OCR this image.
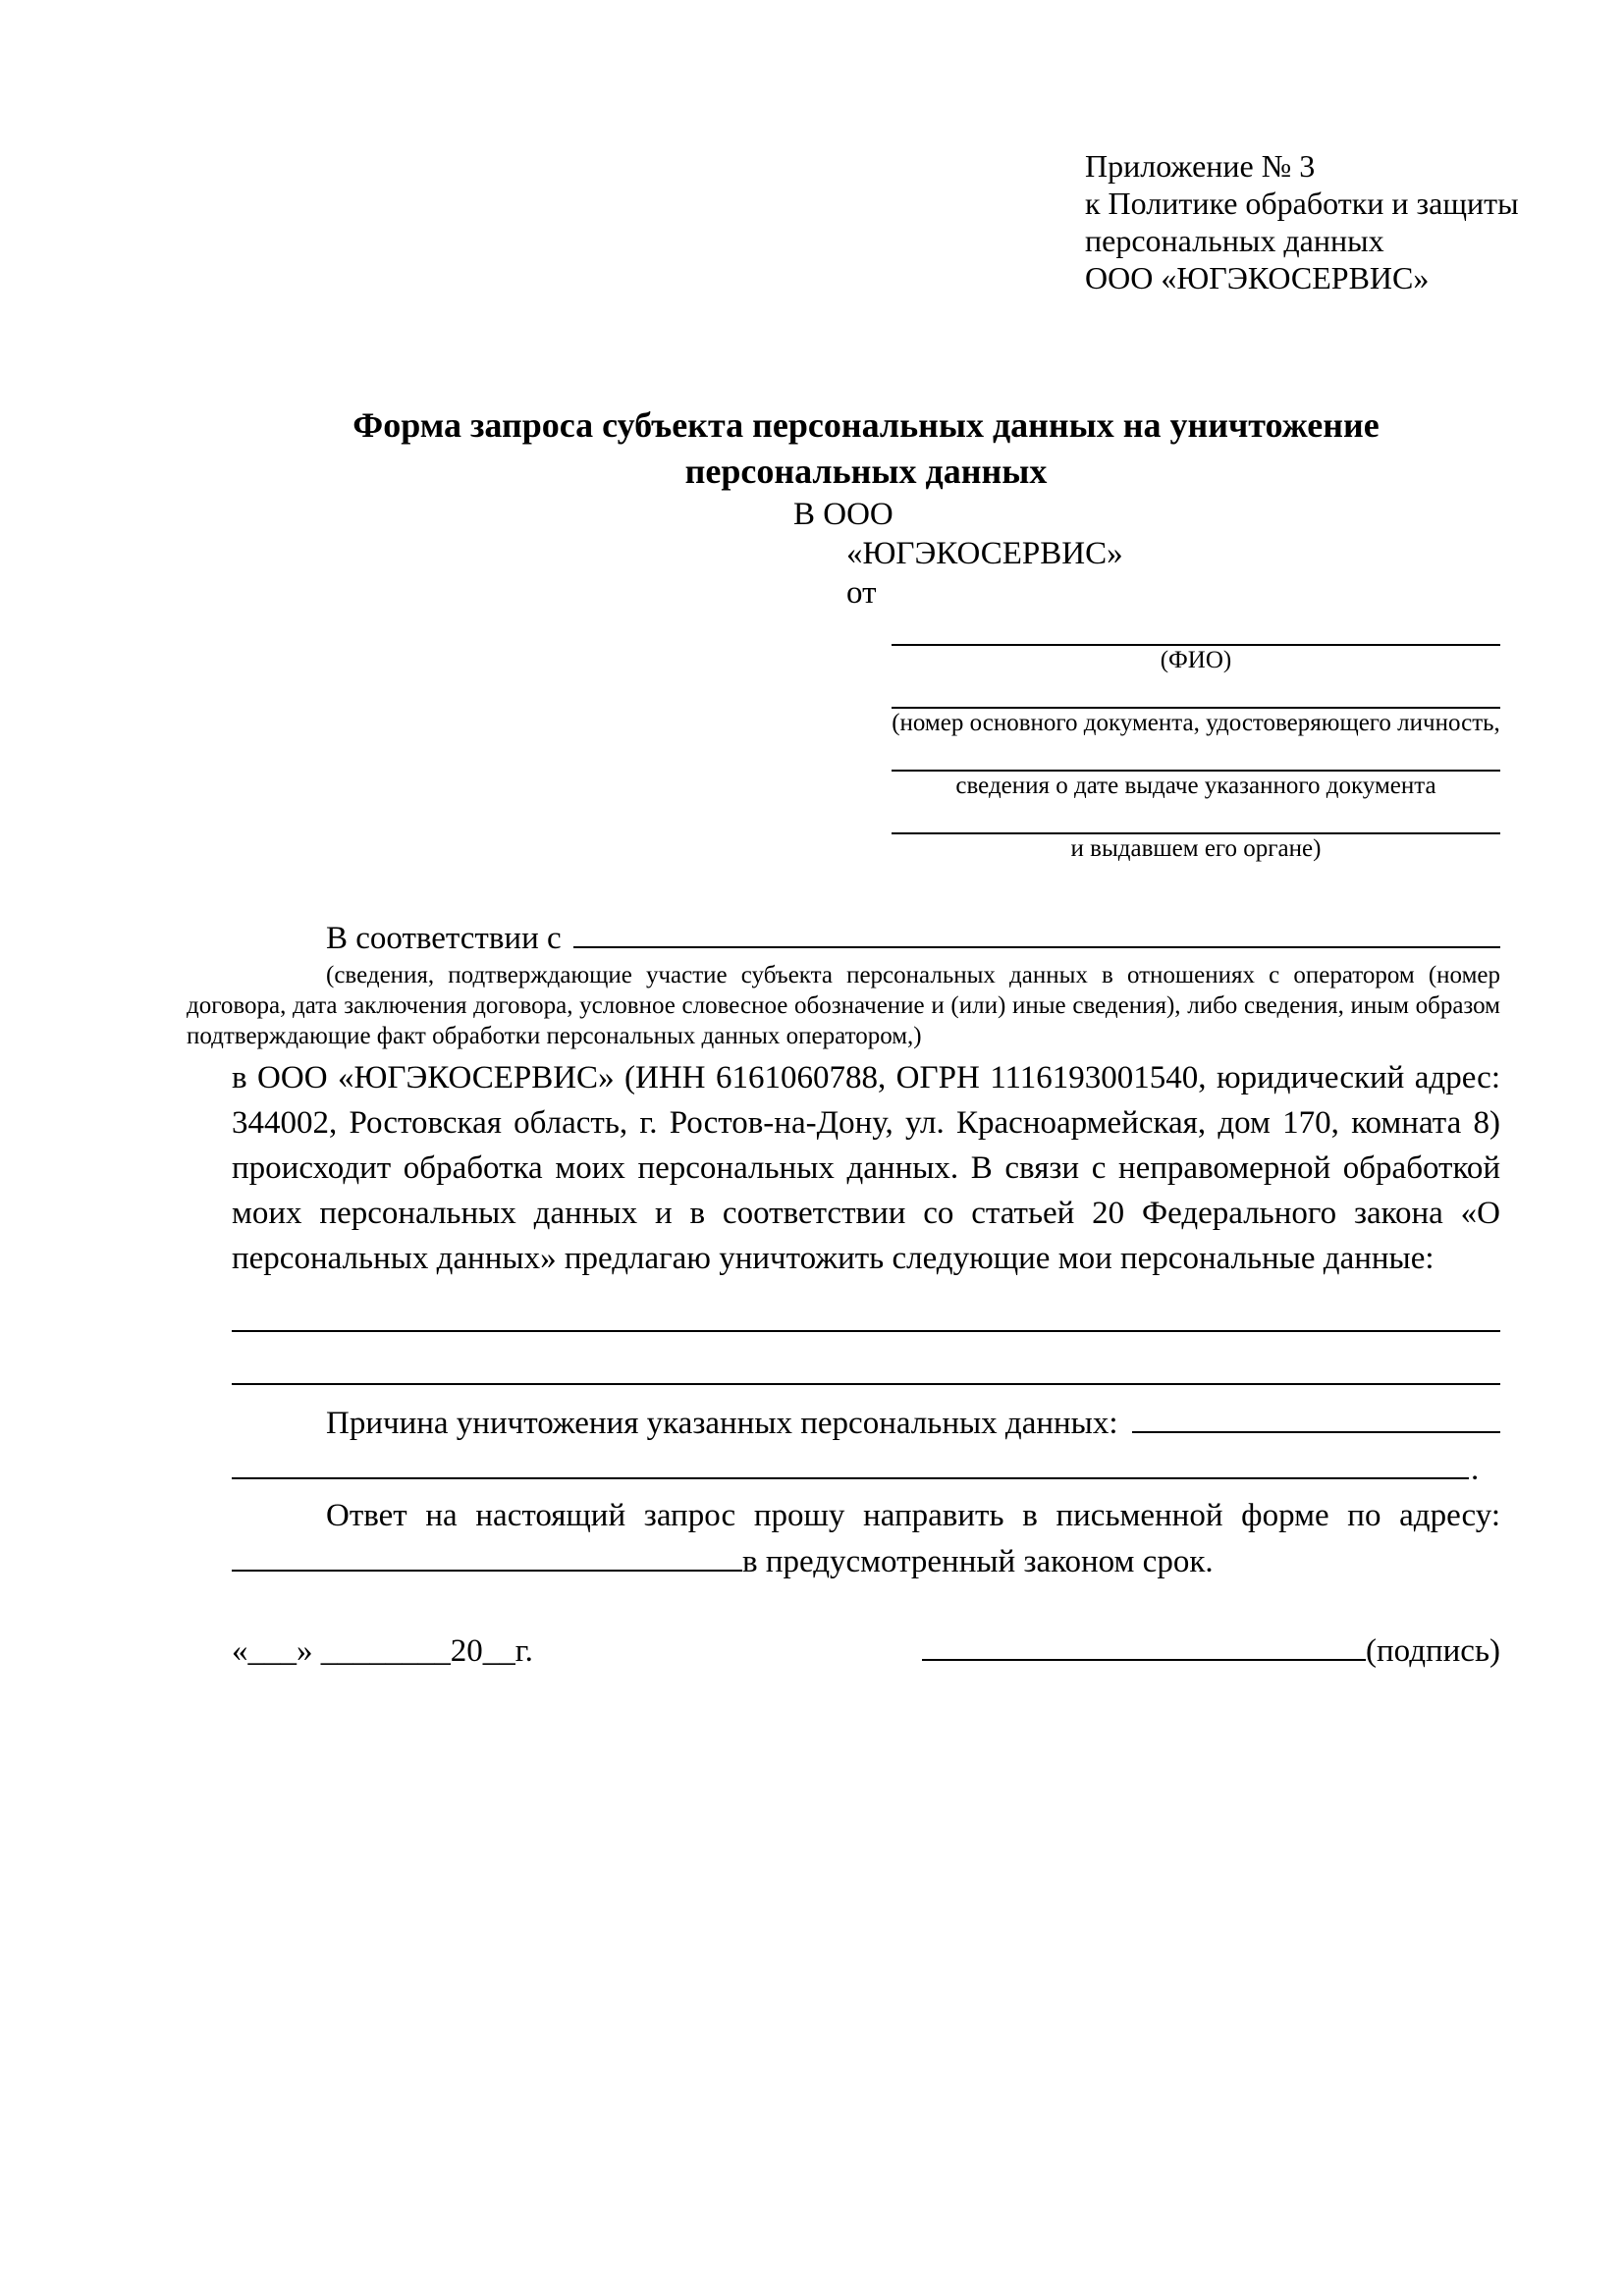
Приложение № 3
к Политике обработки и защиты
персональных данных
ООО «ЮГЭКОСЕРВИС»
Форма запроса субъекта персональных данных на уничтожение
персональных данных
В ООО
«ЮГЭКОСЕРВИС»
от
(ФИО)
(номер основного документа, удостоверяющего личность,
сведения о дате выдаче указанного документа
и выдавшем его органе)
В соответствии с
(сведения, подтверждающие участие субъекта персональных данных в отношениях с оператором (номер договора, дата заключения договора, условное словесное обозначение и (или) иные сведения), либо сведения, иным образом подтверждающие факт обработки персональных данных оператором,)

в ООО «ЮГЭКОСЕРВИС» (ИНН 6161060788, ОГРН 1116193001540, юридический адрес: 344002, Ростовская область, г. Ростов-на-Дону, ул. Красноармейская, дом 170, комната 8) происходит обработка моих персональных данных. В связи с неправомерной обработкой моих персональных данных и в соответствии со статьей 20 Федерального закона «О персональных данных» предлагаю уничтожить следующие мои персональные данные:

Причина уничтожения указанных персональных данных:
.

Ответ на настоящий запрос прошу направить в письменной форме по адресу:

в предусмотренный законом срок.
«___» ________20__г.	(подпись)
